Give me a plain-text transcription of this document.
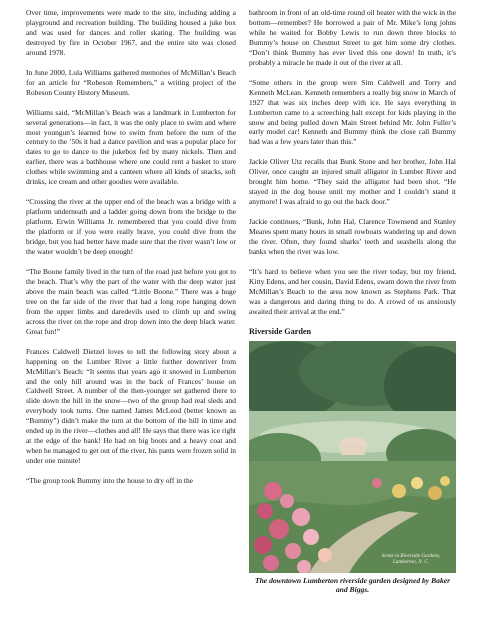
Over time, improvements were made to the site, including adding a playground and recreation building. The building housed a juke box and was used for dances and roller skating. The building was destroyed by fire in October 1967, and the entire site was closed around 1978.

In June 2000, Lula Williams gathered memories of McMillan’s Beach for an article for “Robeson Remembers,” a writing project of the Robeson County History Museum.

Williams said, “McMillan’s Beach was a landmark in Lumberton for several generations—in fact, it was the only place to swim and where most youngun’s learned how to swim from before the turn of the century to the ’50s it had a dance pavilion and was a popular place for dates to go to dance to the jukebox fed by many nickels. Then and earlier, there was a bathhouse where one could rent a basket to store clothes while swimming and a canteen where all kinds of snacks, soft drinks, ice cream and other goodies were available.

“Crossing the river at the upper end of the beach was a bridge with a platform underneath and a ladder going down from the bridge to the platform. Erwin Williams Jr. remembered that you could dive from the platform or if you were really brave, you could dive from the bridge, but you had better have made sure that the river wasn’t low or the water wouldn’t be deep enough!

“The Boone family lived in the turn of the road just before you got to the beach. That’s why the part of the water with the deep water just above the main beach was called “Little Boone.” There was a huge tree on the far side of the river that had a long rope hanging down from the upper limbs and daredevils used to climb up and swing across the river on the rope and drop down into the deep black water. Great fun!”

Frances Caldwell Dietzel loves to tell the following story about a happening on the Lumber River a little further downriver from McMillan’s Beach: “It seems that years ago it snowed in Lumberton and the only hill around was in the back of Frances’ house on Caldwell Street. A number of the then-younger set gathered there to slide down the hill in the snow—two of the group had real sleds and everybody took turns. One named James McLeod (better known as “Bummy”) didn’t make the turn at the bottom of the hill in time and ended up in the river—clothes and all! He says that there was ice right at the edge of the bank! He had on big boots and a heavy coat and when he managed to get out of the river, his pants were frozen solid in under one minute!

“The group took Bummy into the house to dry off in the

bathroom in front of an old-time round oil heater with the wick in the bottom—remember? He borrowed a pair of Mr. Mike’s long johns while he waited for Bobby Lewis to run down three blocks to Bummy’s house on Chestnut Street to get him some dry clothes. “Don’t think Bummy has ever lived this one down! In truth, it’s probably a miracle he made it out of the river at all.

“Some others in the group were Sim Caldwell and Torry and Kenneth McLean. Kenneth remembers a really big snow in March of 1927 that was six inches deep with ice. He says everything in Lumberton came to a screeching halt except for kids playing in the snow and being pulled down Main Street behind Mr. John Fuller’s early model car! Kenneth and Bummy think the close call Bummy had was a few years later than this.”

Jackie Oliver Utz recalls that Bunk Stone and her brother, John Hal Oliver, once caught an injured small alligator in Lumber River and brought him home. “They said the alligator had been shot. “He stayed in the dog house until my mother and I couldn’t stand it anymore! I was afraid to go out the back door.”

Jackie continues, “Bunk, John Hal, Clarence Townsend and Stanley Meares spent many hours in small rowboats wandering up and down the river. Often, they found sharks’ teeth and seashells along the banks when the river was low.

“It’s hard to believe when you see the river today, but my friend, Kitty Edens, and her cousin, David Edens, swam down the river from McMillan’s Beach to the area now known as Stephens Park. That was a dangerous and daring thing to do. A crowd of us anxiously awaited their arrival at the end.”

Riverside Garden
Scene in Riverside Gardens, Lumberton, N. C.
The downtown Lumberton riverside garden designed by Baker and Biggs.
